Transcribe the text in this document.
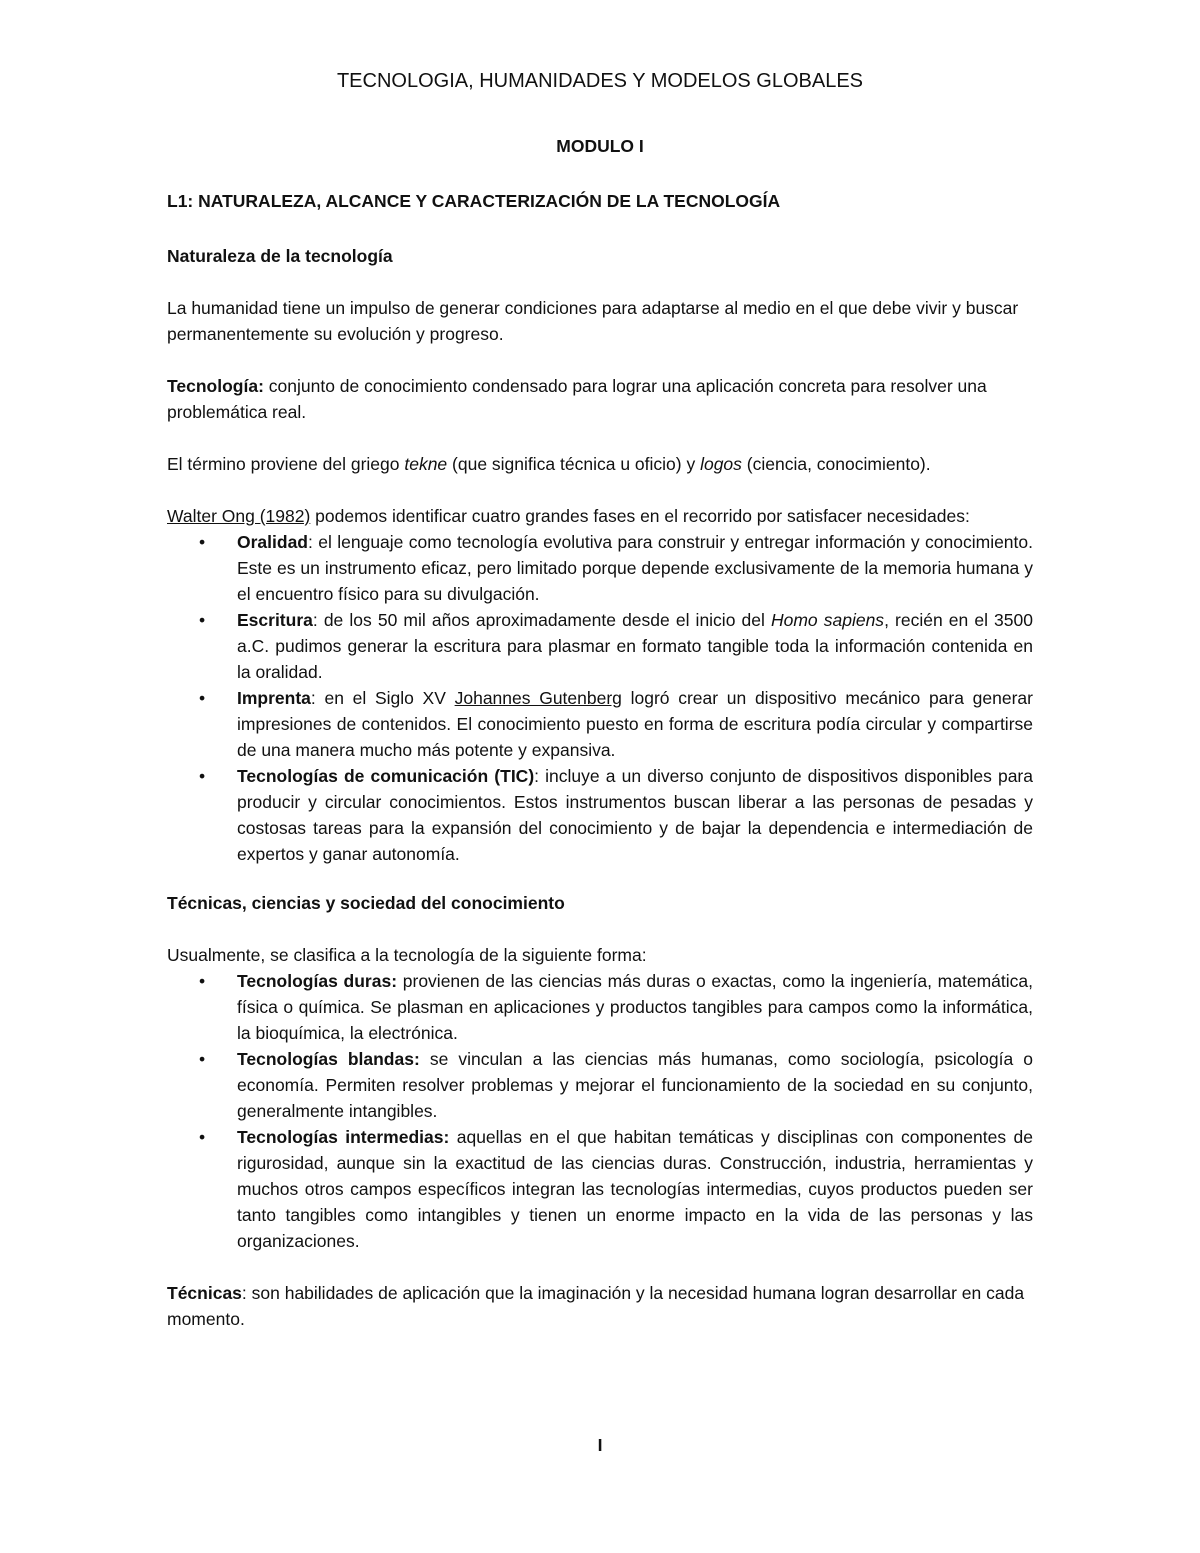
TECNOLOGIA, HUMANIDADES Y MODELOS GLOBALES
MODULO I
L1: NATURALEZA, ALCANCE Y CARACTERIZACIÓN DE LA TECNOLOGÍA
Naturaleza de la tecnología

La humanidad tiene un impulso de generar condiciones para adaptarse al medio en el que debe vivir y buscar permanentemente su evolución y progreso.

Tecnología: conjunto de conocimiento condensado para lograr una aplicación concreta para resolver una problemática real.

El término proviene del griego tekne (que significa técnica u oficio) y logos (ciencia, conocimiento).

Walter Ong (1982) podemos identificar cuatro grandes fases en el recorrido por satisfacer necesidades:

• Oralidad: el lenguaje como tecnología evolutiva para construir y entregar información y conocimiento. Este es un instrumento eficaz, pero limitado porque depende exclusivamente de la memoria humana y el encuentro físico para su divulgación.
• Escritura: de los 50 mil años aproximadamente desde el inicio del Homo sapiens, recién en el 3500 a.C. pudimos generar la escritura para plasmar en formato tangible toda la información contenida en la oralidad.
• Imprenta: en el Siglo XV Johannes Gutenberg logró crear un dispositivo mecánico para generar impresiones de contenidos. El conocimiento puesto en forma de escritura podía circular y compartirse de una manera mucho más potente y expansiva.
• Tecnologías de comunicación (TIC): incluye a un diverso conjunto de dispositivos disponibles para producir y circular conocimientos. Estos instrumentos buscan liberar a las personas de pesadas y costosas tareas para la expansión del conocimiento y de bajar la dependencia e intermediación de expertos y ganar autonomía.
Técnicas, ciencias y sociedad del conocimiento

Usualmente, se clasifica a la tecnología de la siguiente forma:

• Tecnologías duras: provienen de las ciencias más duras o exactas, como la ingeniería, matemática, física o química. Se plasman en aplicaciones y productos tangibles para campos como la informática, la bioquímica, la electrónica.
• Tecnologías blandas: se vinculan a las ciencias más humanas, como sociología, psicología o economía. Permiten resolver problemas y mejorar el funcionamiento de la sociedad en su conjunto, generalmente intangibles.
• Tecnologías intermedias: aquellas en el que habitan temáticas y disciplinas con componentes de rigurosidad, aunque sin la exactitud de las ciencias duras. Construcción, industria, herramientas y muchos otros campos específicos integran las tecnologías intermedias, cuyos productos pueden ser tanto tangibles como intangibles y tienen un enorme impacto en la vida de las personas y las organizaciones.

Técnicas: son habilidades de aplicación que la imaginación y la necesidad humana logran desarrollar en cada momento.

I
